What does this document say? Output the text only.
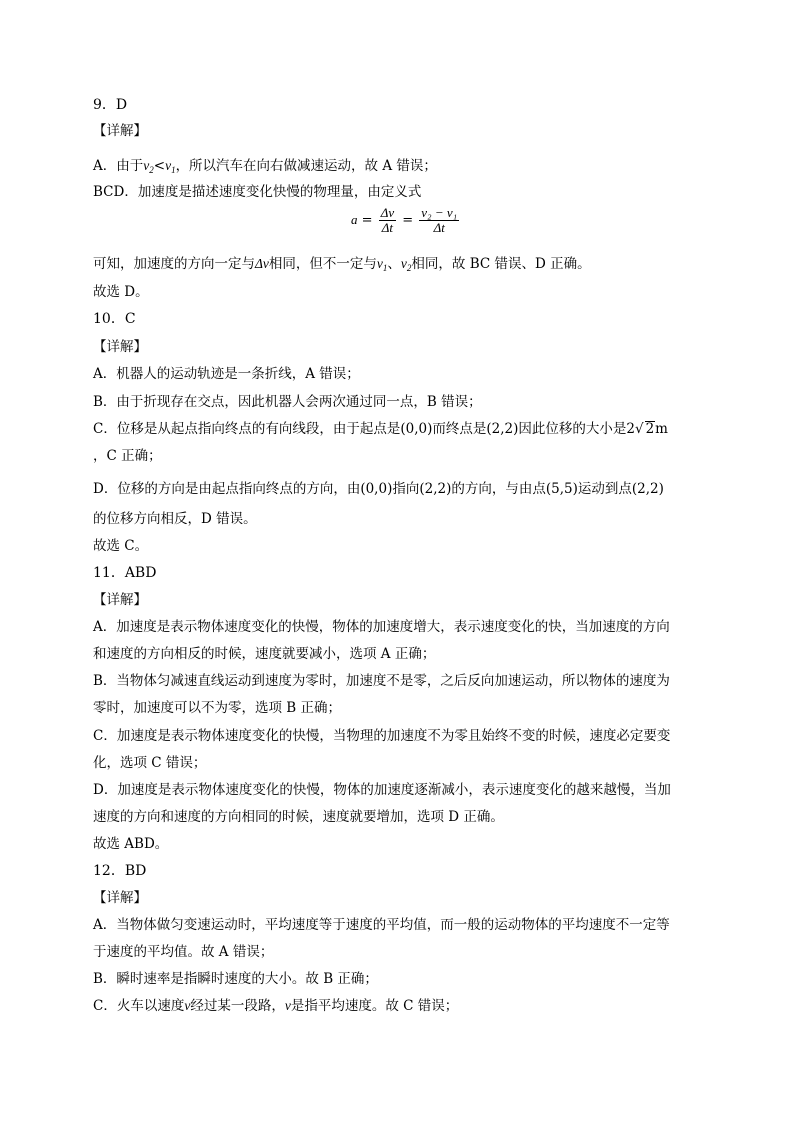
9．D
【详解】
A．由于$v_2<v_1$，所以汽车在向右做减速运动，故 A 错误；
BCD．加速度是描述速度变化快慢的物理量，由定义式
$a = \frac{\Delta v}{\Delta t} = \frac{\text{v₂ − v₁}}{\Delta t}$
可知，加速度的方向一定与Δv相同，但不一定与$v_1$、$v_2$相同，故 BC 错误、D 正确。
故选 D。
10．C
【详解】
A．机器人的运动轨迹是一条折线，A 错误；
B．由于折现存在交点，因此机器人会两次通过同一点，B 错误；
C．位移是从起点指向终点的有向线段，由于起点是(0,0)而终点是(2,2)因此位移的大小是2√ 2m
，C 正确；
D．位移的方向是由起点指向终点的方向，由(0,0)指向(2,2)的方向，与由点(5,5)运动到点(2,2)
的位移方向相反，D 错误。
故选 C。
11．ABD
【详解】
A．加速度是表示物体速度变化的快慢，物体的加速度增大，表示速度变化的快，当加速度的方向
和速度的方向相反的时候，速度就要减小，选项 A 正确；
B．当物体匀减速直线运动到速度为零时，加速度不是零，之后反向加速运动，所以物体的速度为
零时，加速度可以不为零，选项 B 正确；
C．加速度是表示物体速度变化的快慢，当物理的加速度不为零且始终不变的时候，速度必定要变
化，选项 C 错误；
D．加速度是表示物体速度变化的快慢，物体的加速度逐渐减小，表示速度变化的越来越慢，当加
速度的方向和速度的方向相同的时候，速度就要增加，选项 D 正确。
故选 ABD。
12．BD
【详解】
A．当物体做匀变速运动时，平均速度等于速度的平均值，而一般的运动物体的平均速度不一定等
于速度的平均值。故 A 错误；
B．瞬时速率是指瞬时速度的大小。故 B 正确；
C．火车以速度v经过某一段路，v是指平均速度。故 C 错误；
